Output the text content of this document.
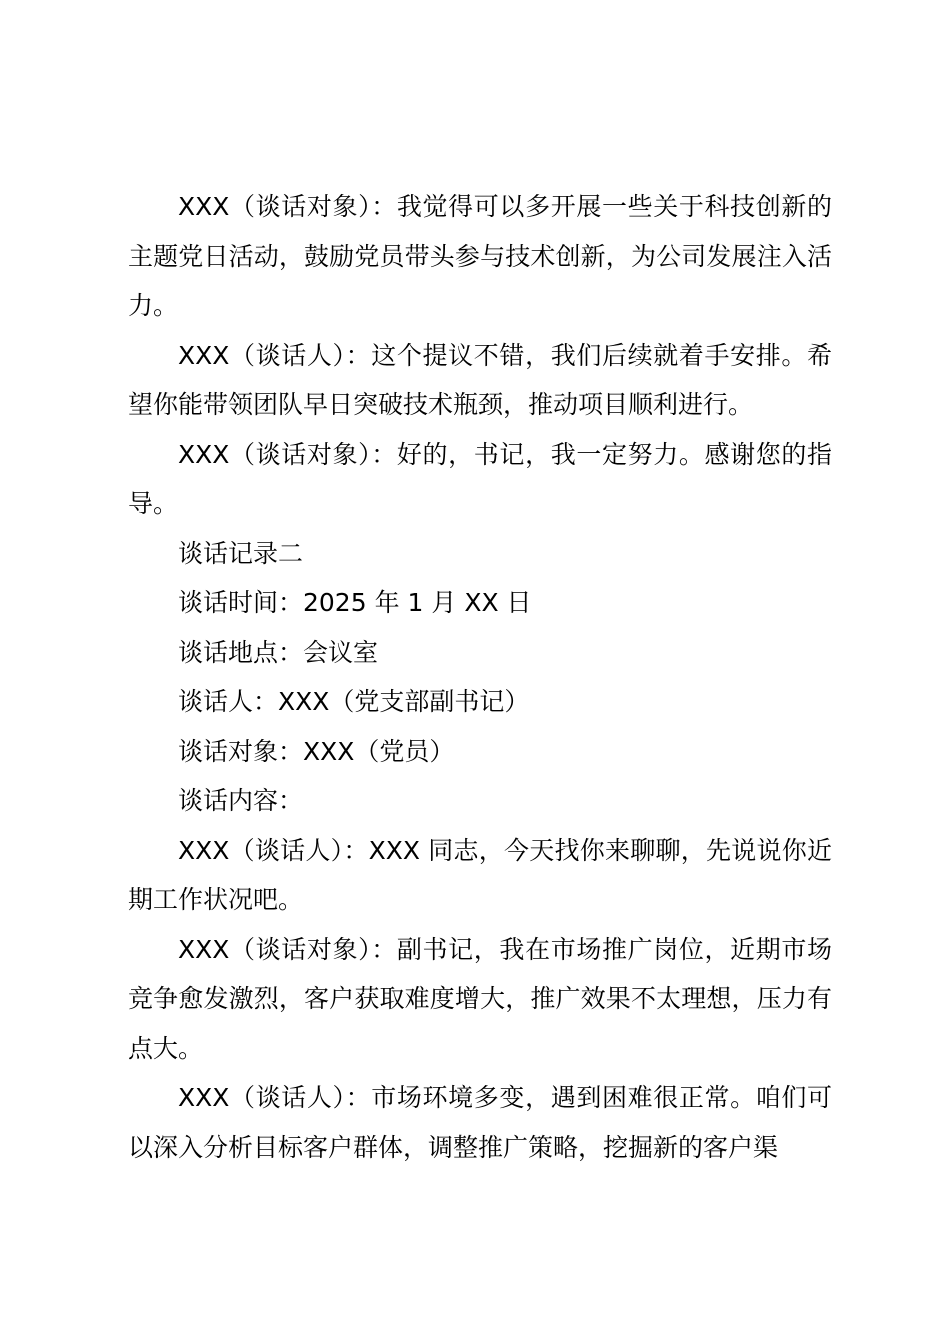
XXX（谈话对象）：我觉得可以多开展一些关于科技创新的主题党日活动，鼓励党员带头参与技术创新，为公司发展注入活力。

XXX（谈话人）：这个提议不错，我们后续就着手安排。希望你能带领团队早日突破技术瓶颈，推动项目顺利进行。

XXX（谈话对象）：好的，书记，我一定努力。感谢您的指导。

谈话记录二

谈话时间：2025 年 1 月 XX 日

谈话地点：会议室

谈话人：XXX（党支部副书记）

谈话对象：XXX（党员）

谈话内容：

XXX（谈话人）：XXX 同志，今天找你来聊聊，先说说你近期工作状况吧。

XXX（谈话对象）：副书记，我在市场推广岗位，近期市场竞争愈发激烈，客户获取难度增大，推广效果不太理想，压力有点大。

XXX（谈话人）：市场环境多变，遇到困难很正常。咱们可以深入分析目标客户群体，调整推广策略，挖掘新的客户渠
